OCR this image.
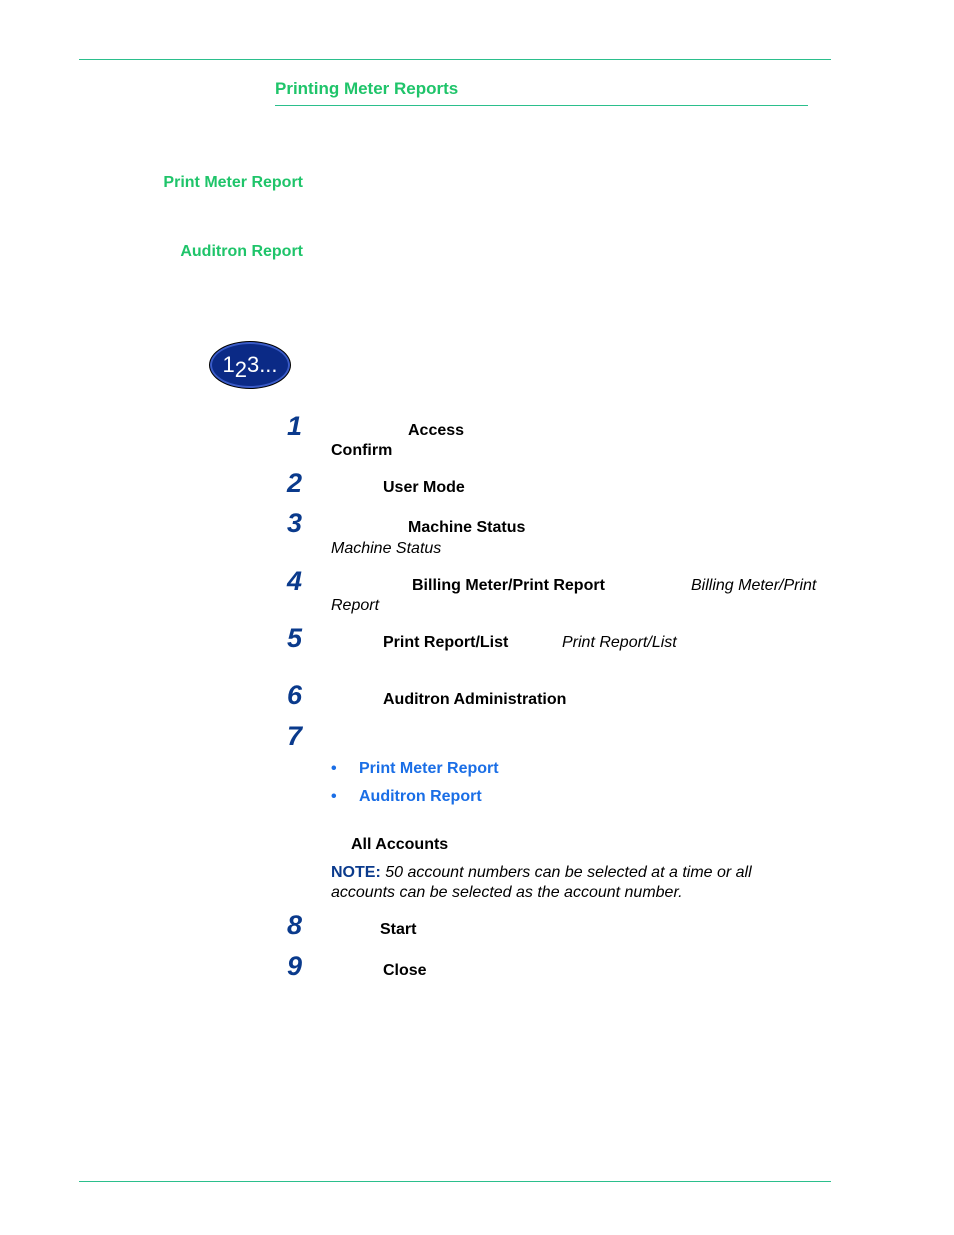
Printing Meter Reports
Print Meter Report
Auditron Report
1 2 3...
1	Access
Confirm
2	User Mode
3	Machine Status
Machine Status
4	Billing Meter/Print Report	Billing Meter/Print
Report
5	Print Report/List	Print Report/List
6	Auditron Administration
7
• Print Meter Report
• Auditron Report
All Accounts
NOTE: 50 account numbers can be selected at a time or all
accounts can be selected as the account number.
8	Start
9	Close
